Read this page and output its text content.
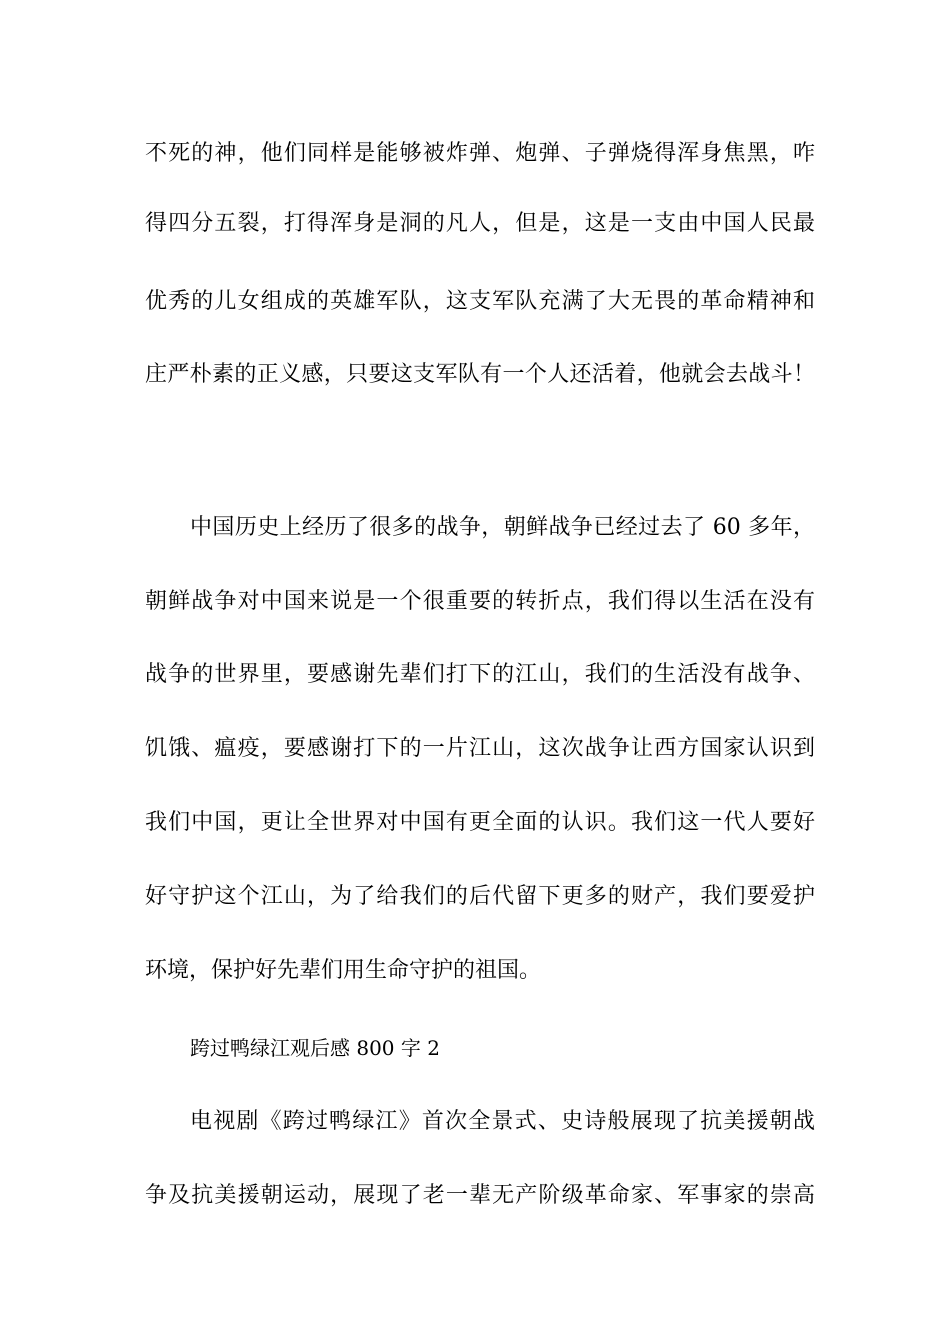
不死的神，他们同样是能够被炸弹、炮弹、子弹烧得浑身焦黑，咋
得四分五裂，打得浑身是洞的凡人，但是，这是一支由中国人民最
优秀的儿女组成的英雄军队，这支军队充满了大无畏的革命精神和
庄严朴素的正义感，只要这支军队有一个人还活着，他就会去战斗！
中国历史上经历了很多的战争，朝鲜战争已经过去了 60 多年，
朝鲜战争对中国来说是一个很重要的转折点，我们得以生活在没有
战争的世界里，要感谢先辈们打下的江山，我们的生活没有战争、
饥饿、瘟疫，要感谢打下的一片江山，这次战争让西方国家认识到
我们中国，更让全世界对中国有更全面的认识。我们这一代人要好
好守护这个江山，为了给我们的后代留下更多的财产，我们要爱护
环境，保护好先辈们用生命守护的祖国。
跨过鸭绿江观后感 800 字 2
电视剧《跨过鸭绿江》首次全景式、史诗般展现了抗美援朝战
争及抗美援朝运动，展现了老一辈无产阶级革命家、军事家的崇高
